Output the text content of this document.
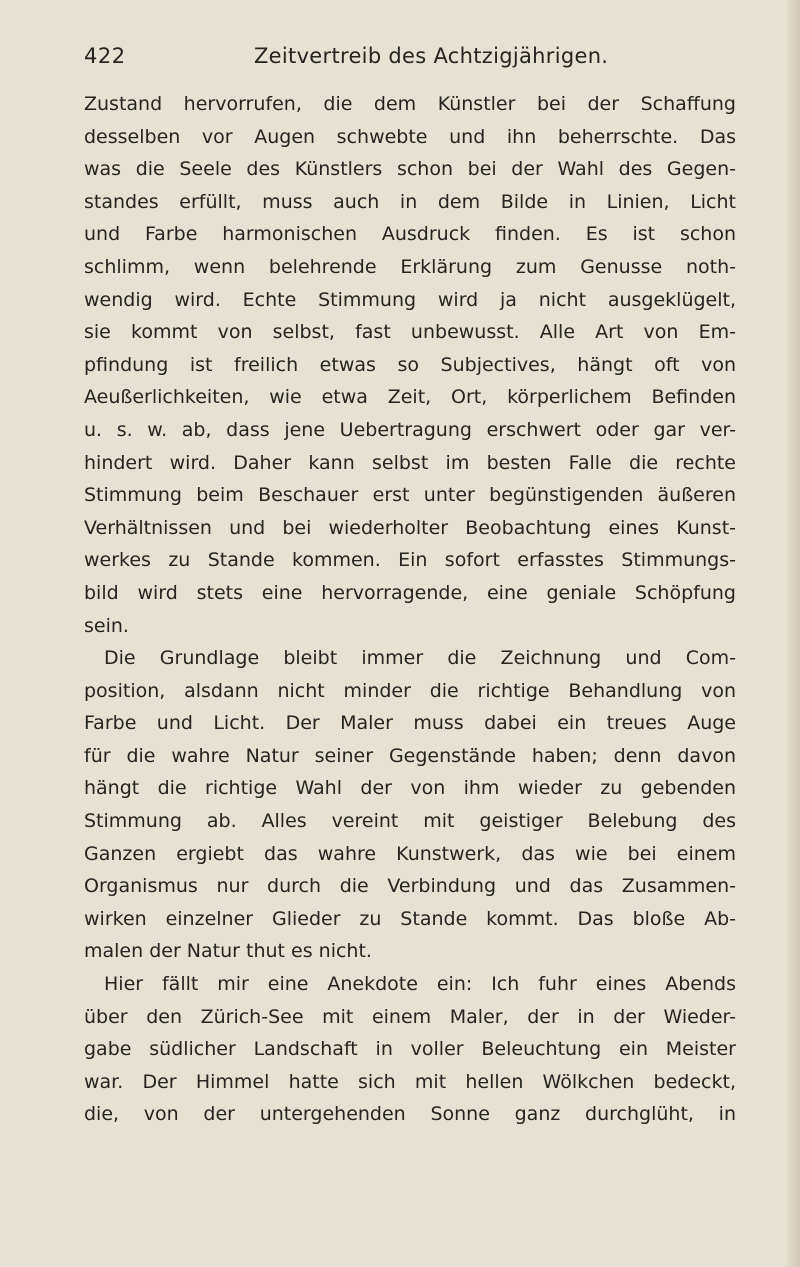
422	Zeitvertreib des Achtzigjährigen.
Zustand hervorrufen, die dem Künstler bei der Schaffung
desselben vor Augen schwebte und ihn beherrschte. Das
was die Seele des Künstlers schon bei der Wahl des Gegen-
standes erfüllt, muss auch in dem Bilde in Linien, Licht
und Farbe harmonischen Ausdruck finden. Es ist schon
schlimm, wenn belehrende Erklärung zum Genusse noth-
wendig wird. Echte Stimmung wird ja nicht ausgeklügelt,
sie kommt von selbst, fast unbewusst. Alle Art von Em-
pfindung ist freilich etwas so Subjectives, hängt oft von
Aeußerlichkeiten, wie etwa Zeit, Ort, körperlichem Befinden
u. s. w. ab, dass jene Uebertragung erschwert oder gar ver-
hindert wird. Daher kann selbst im besten Falle die rechte
Stimmung beim Beschauer erst unter begünstigenden äußeren
Verhältnissen und bei wiederholter Beobachtung eines Kunst-
werkes zu Stande kommen. Ein sofort erfasstes Stimmungs-
bild wird stets eine hervorragende, eine geniale Schöpfung
sein.
Die Grundlage bleibt immer die Zeichnung und Com-
position, alsdann nicht minder die richtige Behandlung von
Farbe und Licht. Der Maler muss dabei ein treues Auge
für die wahre Natur seiner Gegenstände haben; denn davon
hängt die richtige Wahl der von ihm wieder zu gebenden
Stimmung ab. Alles vereint mit geistiger Belebung des
Ganzen ergiebt das wahre Kunstwerk, das wie bei einem
Organismus nur durch die Verbindung und das Zusammen-
wirken einzelner Glieder zu Stande kommt. Das bloße Ab-
malen der Natur thut es nicht.
Hier fällt mir eine Anekdote ein: Ich fuhr eines Abends
über den Zürich-See mit einem Maler, der in der Wieder-
gabe südlicher Landschaft in voller Beleuchtung ein Meister
war. Der Himmel hatte sich mit hellen Wölkchen bedeckt,
die, von der untergehenden Sonne ganz durchglüht, in
